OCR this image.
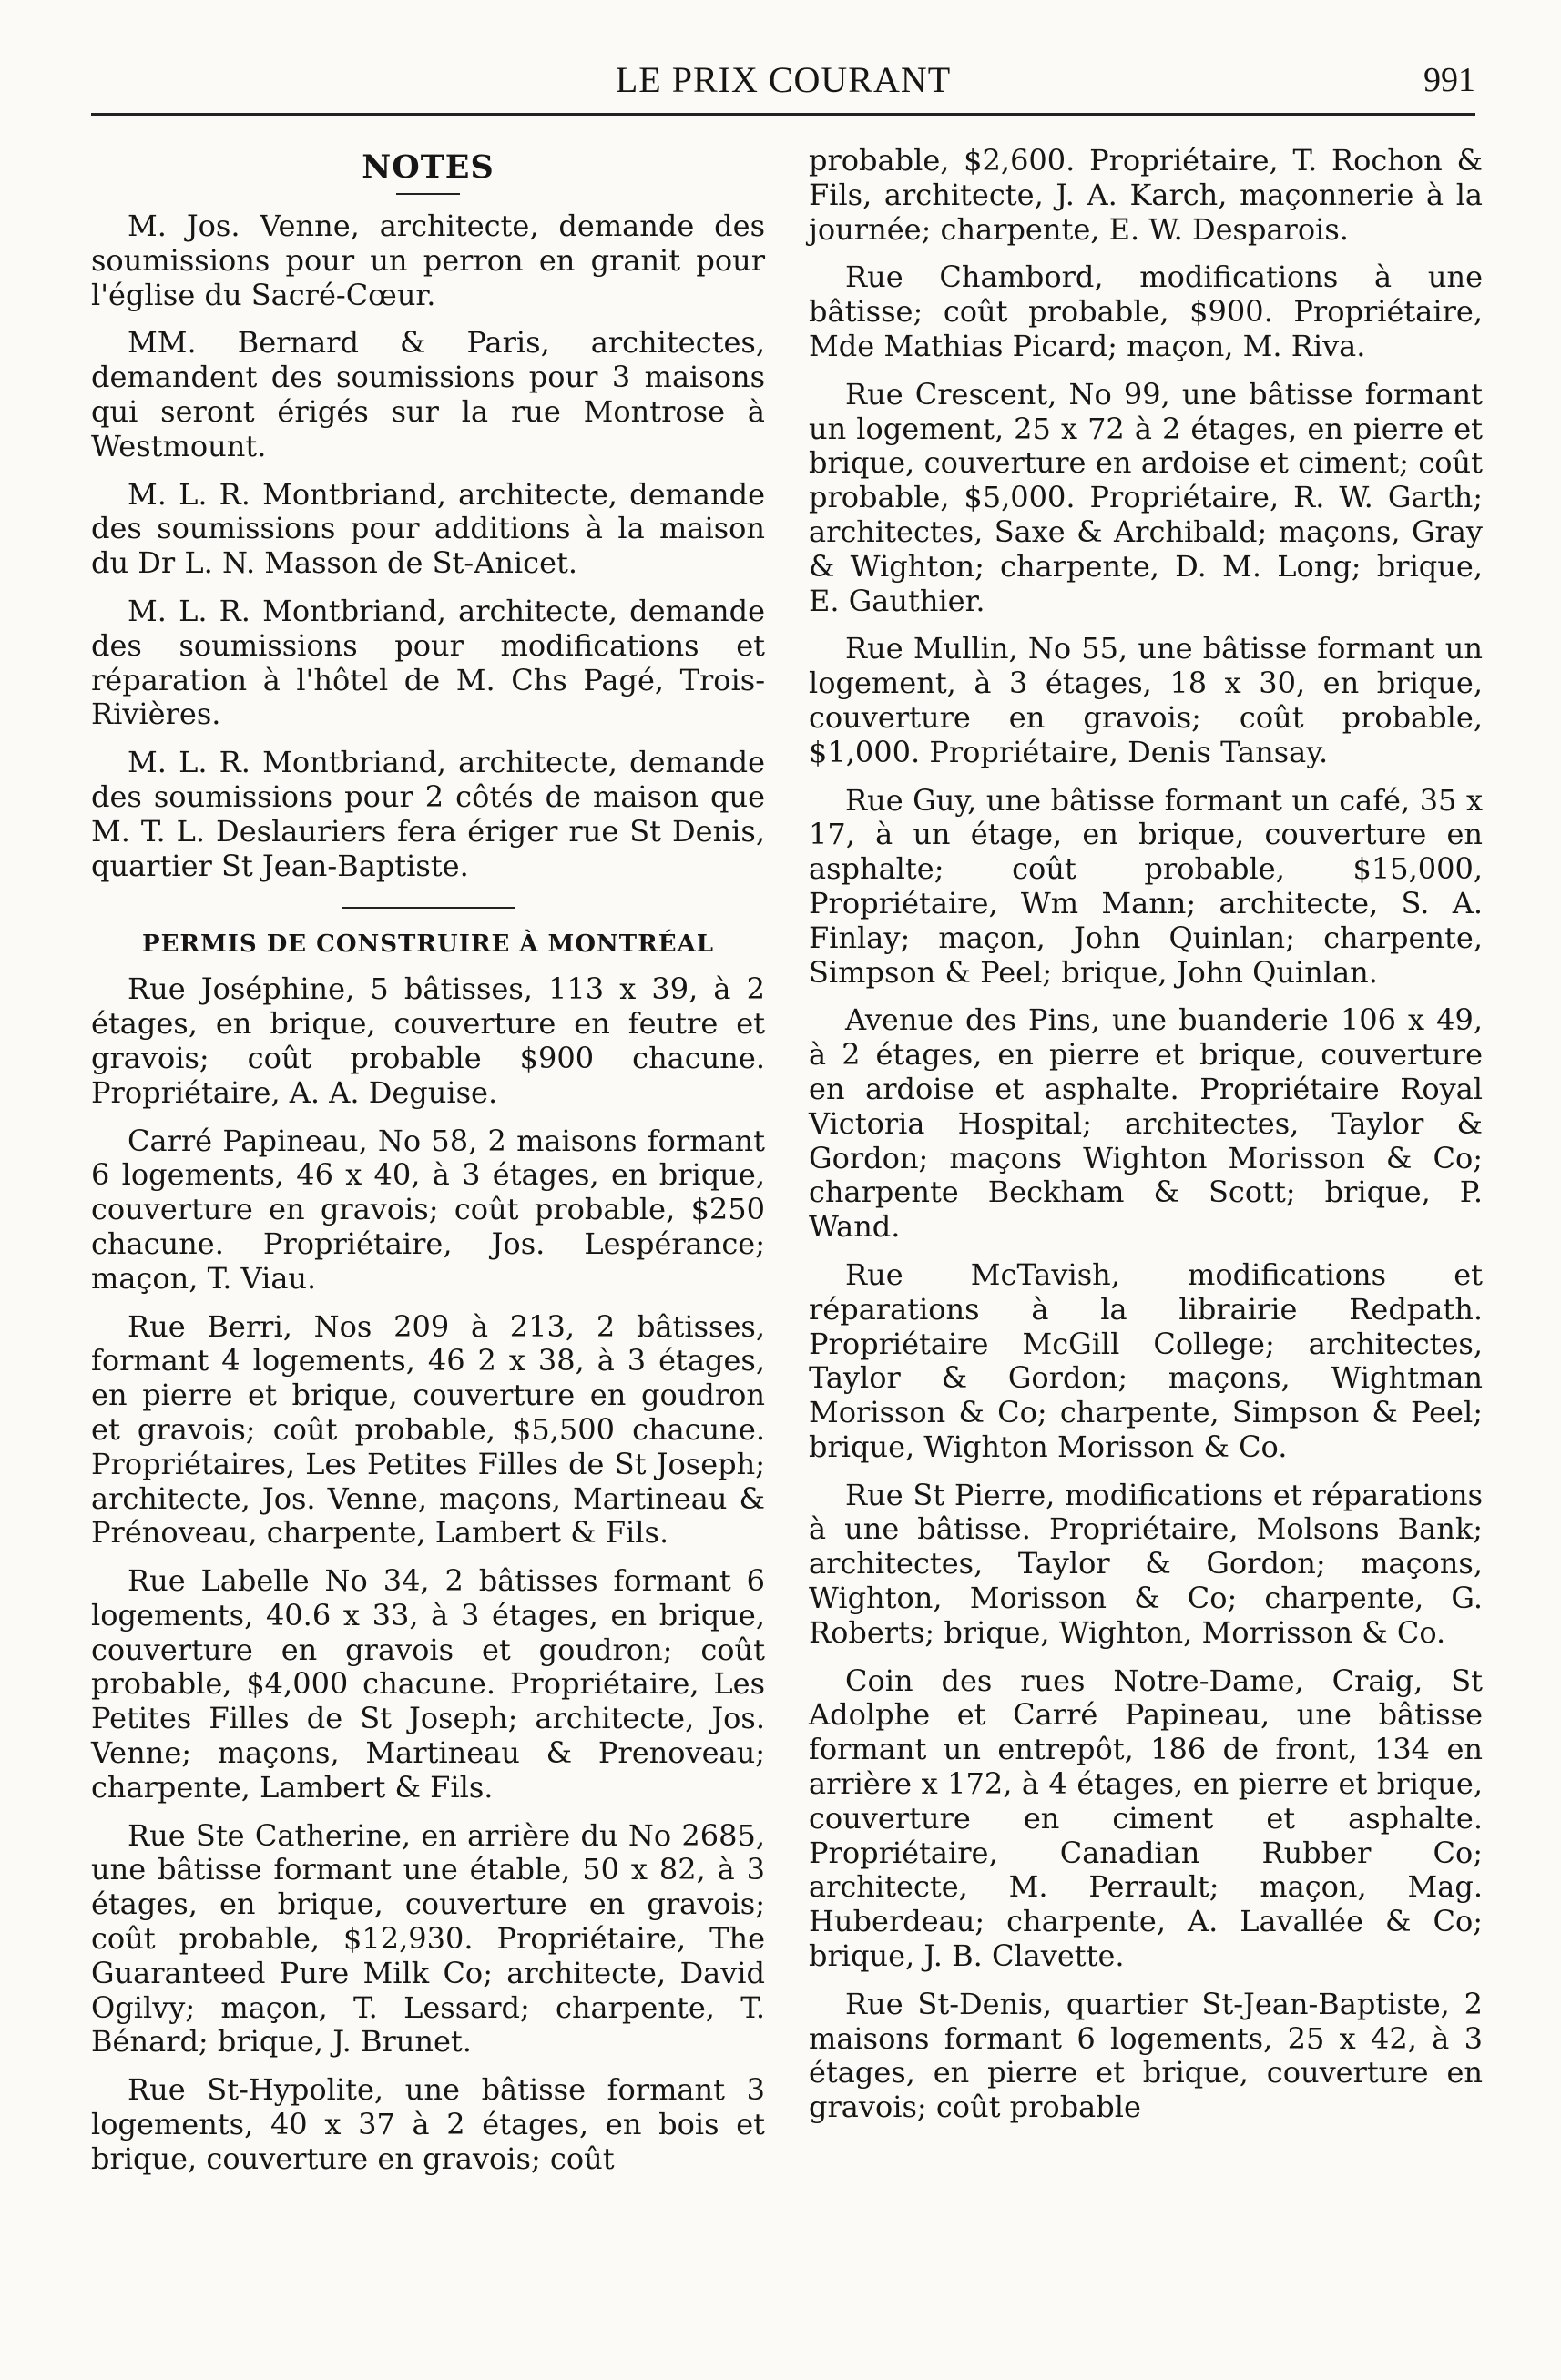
LE PRIX COURANT	991
NOTES

M. Jos. Venne, architecte, demande des soumissions pour un perron en granit pour l'église du Sacré-Cœur.

MM. Bernard & Paris, architectes, demandent des soumissions pour 3 maisons qui seront érigés sur la rue Montrose à Westmount.

M. L. R. Montbriand, architecte, demande des soumissions pour additions à la maison du Dr L. N. Masson de St-Anicet.

M. L. R. Montbriand, architecte, demande des soumissions pour modifications et réparation à l'hôtel de M. Chs Pagé, Trois-Rivières.

M. L. R. Montbriand, architecte, demande des soumissions pour 2 côtés de maison que M. T. L. Deslauriers fera ériger rue St Denis, quartier St Jean-Baptiste.

PERMIS DE CONSTRUIRE À MONTRÉAL

Rue Joséphine, 5 bâtisses, 113 x 39, à 2 étages, en brique, couverture en feutre et gravois; coût probable $900 chacune. Propriétaire, A. A. Deguise.

Carré Papineau, No 58, 2 maisons formant 6 logements, 46 x 40, à 3 étages, en brique, couverture en gravois; coût probable, $250 chacune. Propriétaire, Jos. Lespérance; maçon, T. Viau.

Rue Berri, Nos 209 à 213, 2 bâtisses, formant 4 logements, 46 2 x 38, à 3 étages, en pierre et brique, couverture en goudron et gravois; coût probable, $5,500 chacune. Propriétaires, Les Petites Filles de St Joseph; architecte, Jos. Venne, maçons, Martineau & Prénoveau, charpente, Lambert & Fils.

Rue Labelle No 34, 2 bâtisses formant 6 logements, 40.6 x 33, à 3 étages, en brique, couverture en gravois et goudron; coût probable, $4,000 chacune. Propriétaire, Les Petites Filles de St Joseph; architecte, Jos. Venne; maçons, Martineau & Prenoveau; charpente, Lambert & Fils.

Rue Ste Catherine, en arrière du No 2685, une bâtisse formant une étable, 50 x 82, à 3 étages, en brique, couverture en gravois; coût probable, $12,930. Propriétaire, The Guaranteed Pure Milk Co; architecte, David Ogilvy; maçon, T. Lessard; charpente, T. Bénard; brique, J. Brunet.

Rue St-Hypolite, une bâtisse formant 3 logements, 40 x 37 à 2 étages, en bois et brique, couverture en gravois; coût

probable, $2,600. Propriétaire, T. Rochon & Fils, architecte, J. A. Karch, maçonnerie à la journée; charpente, E. W. Desparois.

Rue Chambord, modifications à une bâtisse; coût probable, $900. Propriétaire, Mde Mathias Picard; maçon, M. Riva.

Rue Crescent, No 99, une bâtisse formant un logement, 25 x 72 à 2 étages, en pierre et brique, couverture en ardoise et ciment; coût probable, $5,000. Propriétaire, R. W. Garth; architectes, Saxe & Archibald; maçons, Gray & Wighton; charpente, D. M. Long; brique, E. Gauthier.

Rue Mullin, No 55, une bâtisse formant un logement, à 3 étages, 18 x 30, en brique, couverture en gravois; coût probable, $1,000. Propriétaire, Denis Tansay.

Rue Guy, une bâtisse formant un café, 35 x 17, à un étage, en brique, couverture en asphalte; coût probable, $15,000, Propriétaire, Wm Mann; architecte, S. A. Finlay; maçon, John Quinlan; charpente, Simpson & Peel; brique, John Quinlan.

Avenue des Pins, une buanderie 106 x 49, à 2 étages, en pierre et brique, couverture en ardoise et asphalte. Propriétaire Royal Victoria Hospital; architectes, Taylor & Gordon; maçons Wighton Morisson & Co; charpente Beckham & Scott; brique, P. Wand.

Rue McTavish, modifications et réparations à la librairie Redpath. Propriétaire McGill College; architectes, Taylor & Gordon; maçons, Wightman Morisson & Co; charpente, Simpson & Peel; brique, Wighton Morisson & Co.

Rue St Pierre, modifications et réparations à une bâtisse. Propriétaire, Molsons Bank; architectes, Taylor & Gordon; maçons, Wighton, Morisson & Co; charpente, G. Roberts; brique, Wighton, Morrisson & Co.

Coin des rues Notre-Dame, Craig, St Adolphe et Carré Papineau, une bâtisse formant un entrepôt, 186 de front, 134 en arrière x 172, à 4 étages, en pierre et brique, couverture en ciment et asphalte. Propriétaire, Canadian Rubber Co; architecte, M. Perrault; maçon, Mag. Huberdeau; charpente, A. Lavallée & Co; brique, J. B. Clavette.

Rue St-Denis, quartier St-Jean-Baptiste, 2 maisons formant 6 logements, 25 x 42, à 3 étages, en pierre et brique, couverture en gravois; coût probable
